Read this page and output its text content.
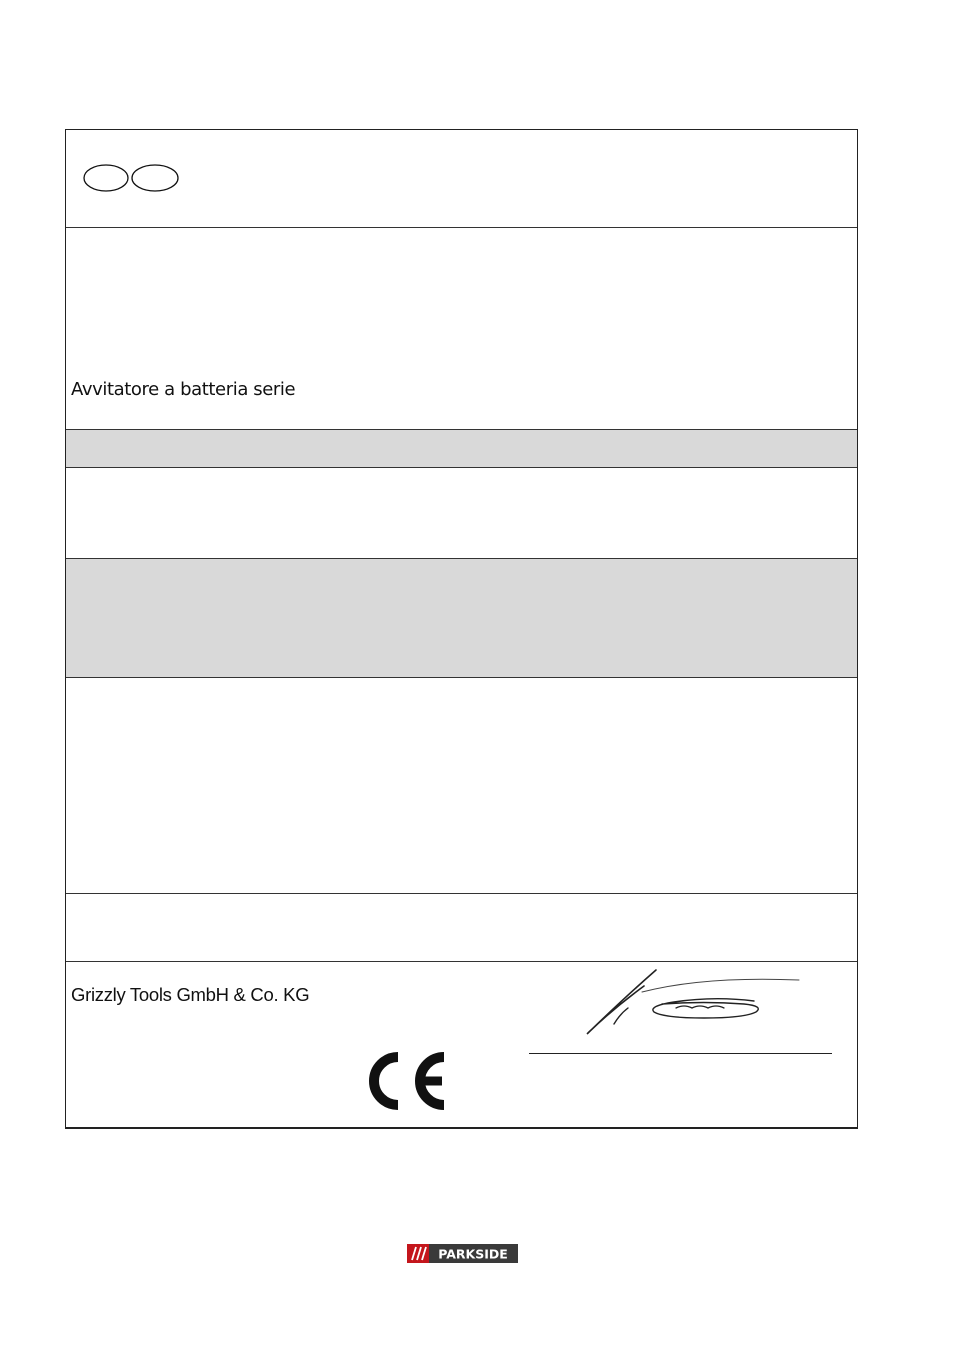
Avvitatore a batteria serie
Grizzly Tools GmbH & Co. KG
PARKSIDE
